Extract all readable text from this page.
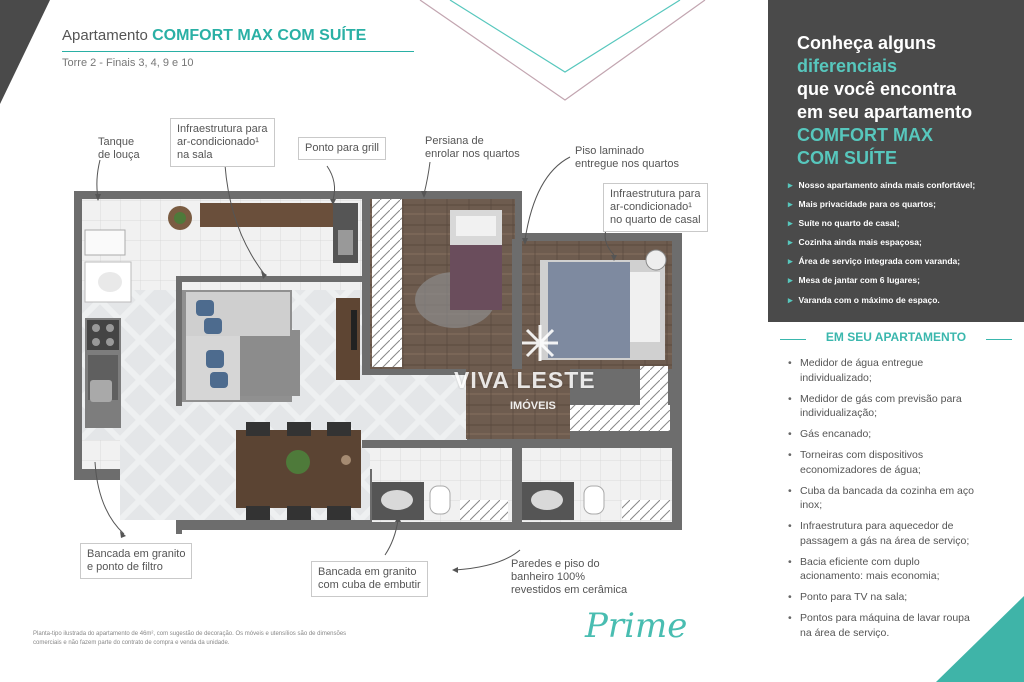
Apartamento COMFORT MAX COM SUÍTE
Torre 2 - Finais 3, 4, 9 e 10
VIVA LESTE
IMÓVEIS
Tanque
de louça
Infraestrutura para
ar-condicionado¹
na sala
Ponto para grill
Persiana de
enrolar nos quartos	Piso laminado
entregue nos quartos
Infraestrutura para
ar-condicionado¹
no quarto de casal
Bancada em granito
e ponto de filtro	Bancada em granito
com cuba de embutir
Paredes e piso do
banheiro 100%
revestidos em cerâmica
Planta-tipo ilustrada do apartamento de 46m², com sugestão de decoração. Os móveis e utensílios são de dimensões comerciais e não fazem parte do contrato de compra e venda da unidade.	Prime
Conheça alguns
diferenciais
que você encontra
em seu apartamento
COMFORT MAX
COM SUÍTE
▸ Nosso apartamento ainda mais confortável;
▸ Mais privacidade para os quartos;
▸ Suíte no quarto de casal;
▸ Cozinha ainda mais espaçosa;
▸ Área de serviço integrada com varanda;
▸ Mesa de jantar com 6 lugares;
▸ Varanda com o máximo de espaço.
EM SEU APARTAMENTO
• Medidor de água entregue individualizado;
• Medidor de gás com previsão para individualização;
• Gás encanado;
• Torneiras com dispositivos economizadores de água;
• Cuba da bancada da cozinha em aço inox;
• Infraestrutura para aquecedor de passagem a gás na área de serviço;
• Bacia eficiente com duplo acionamento: mais economia;
• Ponto para TV na sala;
• Pontos para máquina de lavar roupa na área de serviço.
